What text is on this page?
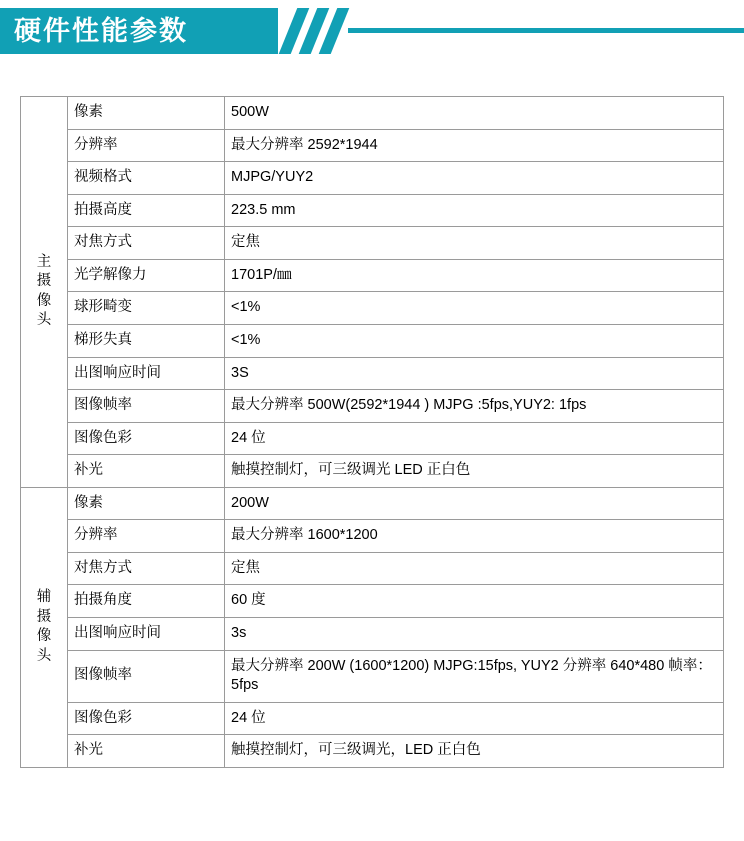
硬件性能参数
主
摄
像
头	像素	500W
	分辨率	最大分辨率 2592*1944
	视频格式	MJPG/YUY2
	拍摄高度	223.5 mm
	对焦方式	定焦
	光学解像力	1701P/㎜
	球形畸变	<1%
	梯形失真	<1%
	出图响应时间	3S
	图像帧率	最大分辨率 500W(2592*1944 ) MJPG :5fps,YUY2: 1fps
	图像色彩	24 位
	补光	触摸控制灯，可三级调光 LED 正白色

辅
摄
像
头	像素	200W
	分辨率	最大分辨率 1600*1200
	对焦方式	定焦
	拍摄角度	60 度
	出图响应时间	3s
	图像帧率	最大分辨率 200W (1600*1200) MJPG:15fps, YUY2 分辨率 640*480 帧率：5fps
	图像色彩	24 位
	补光	触摸控制灯，可三级调光，LED 正白色
